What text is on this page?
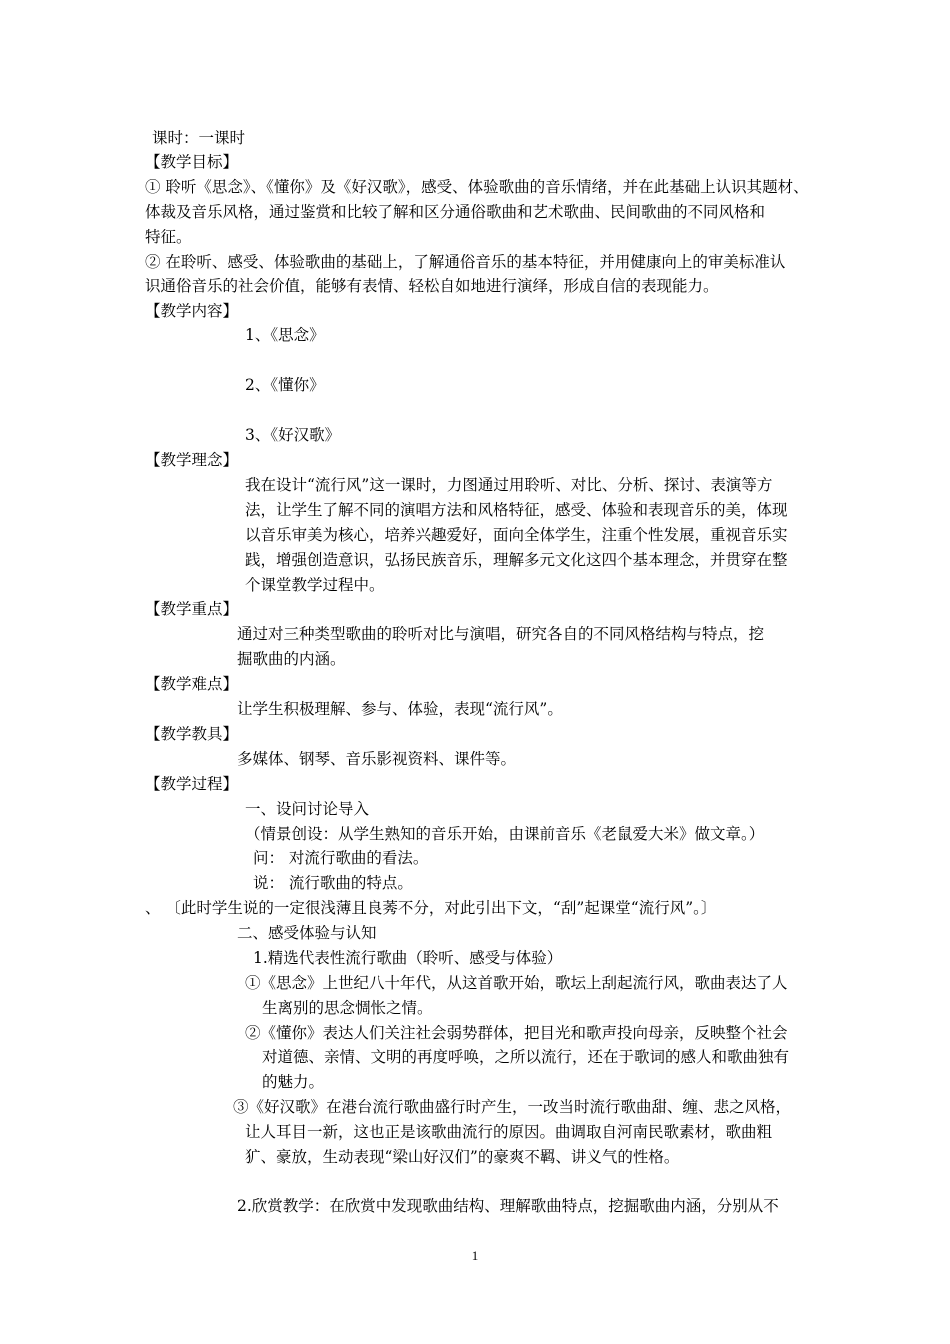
课时：一课时
【教学目标】
① 聆听《思念》、《懂你》及《好汉歌》，感受、体验歌曲的音乐情绪，并在此基础上认识其题材、
体裁及音乐风格，通过鉴赏和比较了解和区分通俗歌曲和艺术歌曲、民间歌曲的不同风格和
特征。
② 在聆听、感受、体验歌曲的基础上，了解通俗音乐的基本特征，并用健康向上的审美标准认
识通俗音乐的社会价值，能够有表情、轻松自如地进行演绎，形成自信的表现能力。
【教学内容】
1、《思念》
2、《懂你》
3、《好汉歌》
【教学理念】
我在设计“流行风”这一课时，力图通过用聆听、对比、分析、探讨、表演等方
法，让学生了解不同的演唱方法和风格特征，感受、体验和表现音乐的美，体现
以音乐审美为核心，培养兴趣爱好，面向全体学生，注重个性发展，重视音乐实
践，增强创造意识，弘扬民族音乐，理解多元文化这四个基本理念，并贯穿在整
个课堂教学过程中。
【教学重点】
通过对三种类型歌曲的聆听对比与演唱，研究各自的不同风格结构与特点，挖
掘歌曲的内涵。
【教学难点】
让学生积极理解、参与、体验，表现“流行风”。
【教学教具】
多媒体、钢琴、音乐影视资料、课件等。
【教学过程】
一、设问讨论导入
（情景创设：从学生熟知的音乐开始，由课前音乐《老鼠爱大米》做文章。）
问： 对流行歌曲的看法。
说： 流行歌曲的特点。
、 〔此时学生说的一定很浅薄且良莠不分，对此引出下文，“刮”起课堂“流行风”。〕
二、感受体验与认知
1.精选代表性流行歌曲（聆听、感受与体验）
①《思念》上世纪八十年代，从这首歌开始，歌坛上刮起流行风，歌曲表达了人
生离别的思念惆怅之情。
②《懂你》表达人们关注社会弱势群体，把目光和歌声投向母亲，反映整个社会
对道德、亲情、文明的再度呼唤，之所以流行，还在于歌词的感人和歌曲独有
的魅力。
③《好汉歌》在港台流行歌曲盛行时产生，一改当时流行歌曲甜、缠、悲之风格，
让人耳目一新，这也正是该歌曲流行的原因。曲调取自河南民歌素材，歌曲粗
犷、豪放，生动表现“梁山好汉们”的豪爽不羁、讲义气的性格。
2.欣赏教学：在欣赏中发现歌曲结构、理解歌曲特点，挖掘歌曲内涵，分别从不
1
